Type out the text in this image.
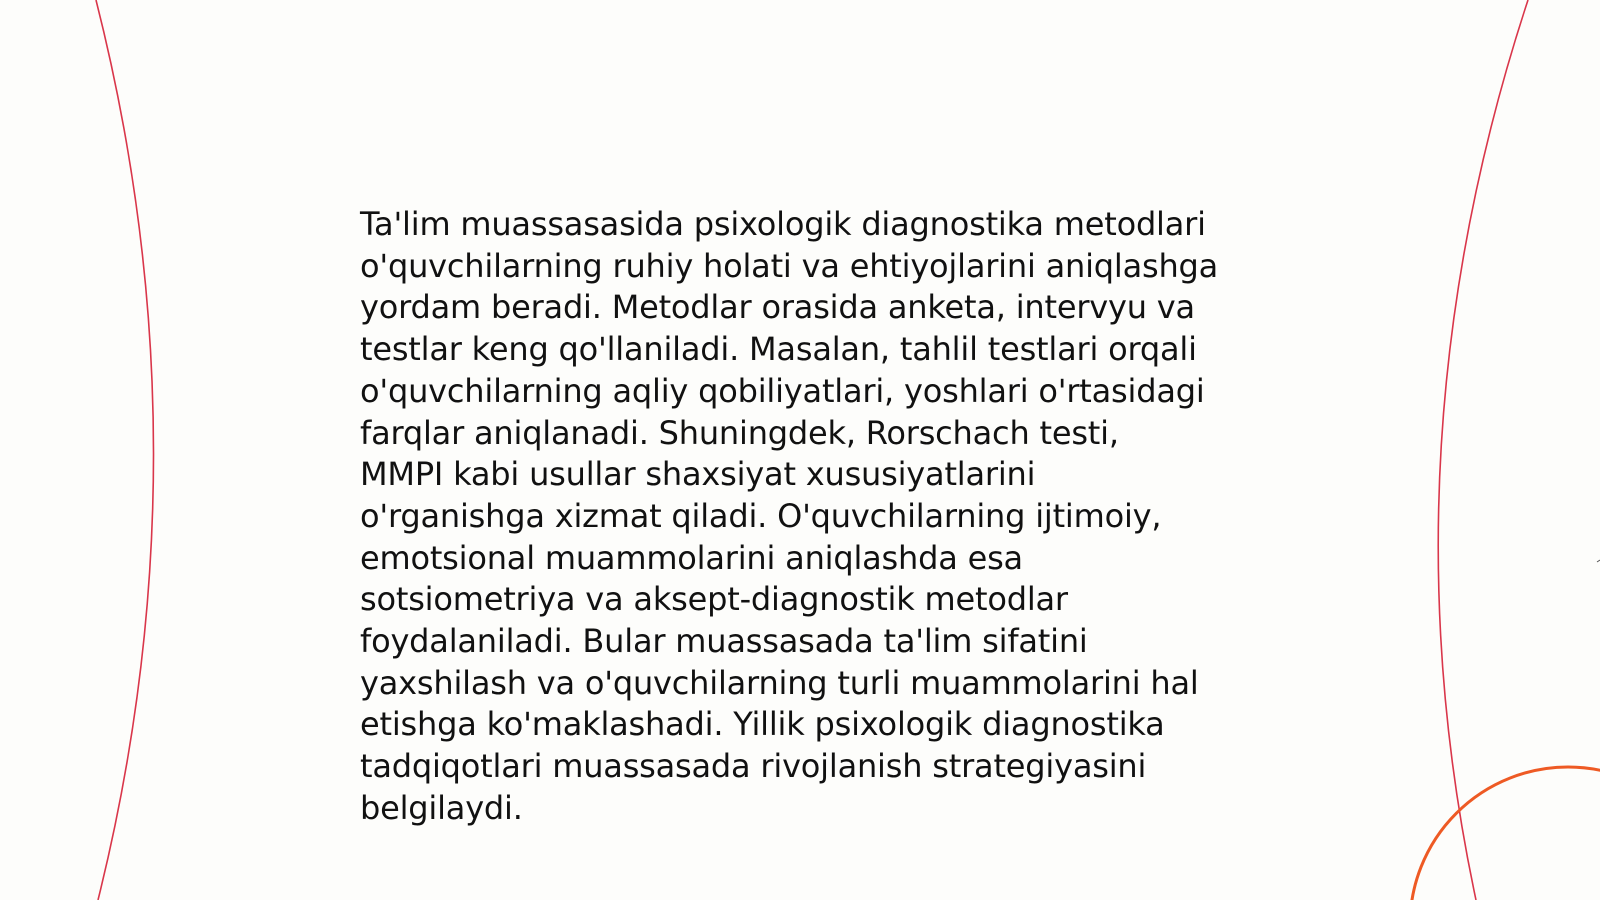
Ta'lim muassasasida psixologik diagnostika metodlari
o'quvchilarning ruhiy holati va ehtiyojlarini aniqlashga
yordam beradi. Metodlar orasida anketa, intervyu va
testlar keng qo'llaniladi. Masalan, tahlil testlari orqali
o'quvchilarning aqliy qobiliyatlari, yoshlari o'rtasidagi
farqlar aniqlanadi. Shuningdek, Rorschach testi,
MMPI kabi usullar shaxsiyat xususiyatlarini
o'rganishga xizmat qiladi. O'quvchilarning ijtimoiy,
emotsional muammolarini aniqlashda esa
sotsiometriya va aksept-diagnostik metodlar
foydalaniladi. Bular muassasada ta'lim sifatini
yaxshilash va o'quvchilarning turli muammolarini hal
etishga ko'maklashadi. Yillik psixologik diagnostika
tadqiqotlari muassasada rivojlanish strategiyasini
belgilaydi.
